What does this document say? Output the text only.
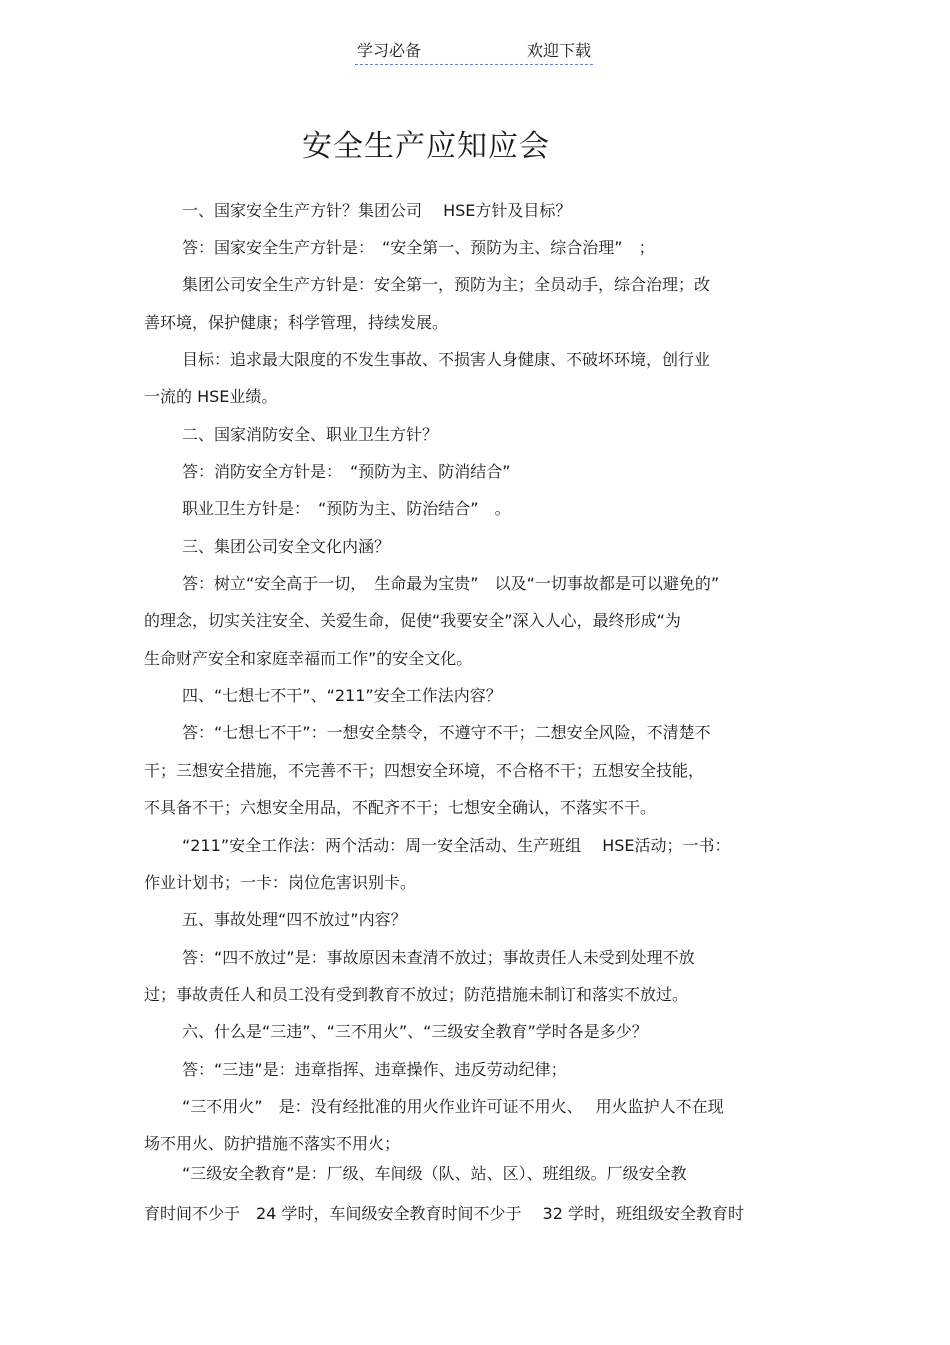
学习必备	欢迎下载
安全生产应知应会
一、国家安全生产方针？集团公司　 HSE方针及目标？
答：国家安全生产方针是：　“安全第一、预防为主、综合治理”　；
集团公司安全生产方针是：安全第一，预防为主；全员动手，综合治理；改
善环境，保护健康；科学管理，持续发展。
目标：追求最大限度的不发生事故、不损害人身健康、不破坏环境，创行业
一流的 HSE业绩。
二、国家消防安全、职业卫生方针？
答：消防安全方针是：　“预防为主、防消结合”
职业卫生方针是：　“预防为主、防治结合”　。
三、集团公司安全文化内涵？
答：树立“安全高于一切，　生命最为宝贵”　以及“一切事故都是可以避免的”
的理念，切实关注安全、关爱生命，促使“我要安全”深入人心，最终形成“为
生命财产安全和家庭幸福而工作”的安全文化。
四、“七想七不干”、“211”安全工作法内容？
答：“七想七不干”：一想安全禁令，不遵守不干；二想安全风险，不清楚不
干；三想安全措施，不完善不干；四想安全环境，不合格不干；五想安全技能，
不具备不干；六想安全用品，不配齐不干；七想安全确认，不落实不干。
“211”安全工作法：两个活动：周一安全活动、生产班组　 HSE活动；一书：
作业计划书；一卡：岗位危害识别卡。
五、事故处理“四不放过”内容？
答：“四不放过”是：事故原因未查清不放过；事故责任人未受到处理不放
过；事故责任人和员工没有受到教育不放过；防范措施未制订和落实不放过。
六、什么是“三违”、“三不用火”、“三级安全教育”学时各是多少？
答：“三违”是：违章指挥、违章操作、违反劳动纪律；
“三不用火”　是：没有经批准的用火作业许可证不用火、　 用火监护人不在现
场不用火、防护措施不落实不用火；
“三级安全教育”是：厂级、车间级（队、站、区）、班组级。厂级安全教
育时间不少于　24 学时，车间级安全教育时间不少于　 32 学时，班组级安全教育时
